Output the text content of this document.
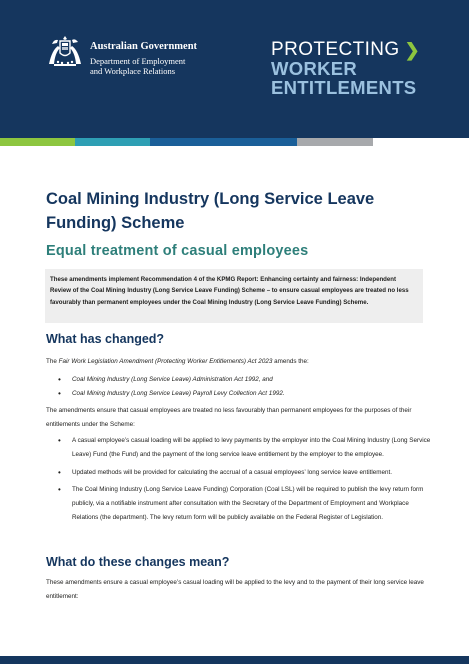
Australian Government
Department of Employment
and Workplace Relations
PROTECTING ❯
WORKER
ENTITLEMENTS
Coal Mining Industry (Long Service Leave Funding) Scheme
Equal treatment of casual employees
These amendments implement Recommendation 4 of the KPMG Report: Enhancing certainty and fairness: Independent Review of the Coal Mining Industry (Long Service Leave Funding) Scheme – to ensure casual employees are treated no less favourably than permanent employees under the Coal Mining Industry (Long Service Leave Funding) Scheme.
What has changed?
The Fair Work Legislation Amendment (Protecting Worker Entitlements) Act 2023 amends the:
• Coal Mining Industry (Long Service Leave) Administration Act 1992, and
• Coal Mining Industry (Long Service Leave) Payroll Levy Collection Act 1992.
The amendments ensure that casual employees are treated no less favourably than permanent employees for the purposes of their entitlements under the Scheme:
• A casual employee’s casual loading will be applied to levy payments by the employer into the Coal Mining Industry (Long Service Leave) Fund (the Fund) and the payment of the long service leave entitlement by the employer to the employee.
• Updated methods will be provided for calculating the accrual of a casual employees’ long service leave entitlement.
• The Coal Mining Industry (Long Service Leave Funding) Corporation (Coal LSL) will be required to publish the levy return form publicly, via a notifiable instrument after consultation with the Secretary of the Department of Employment and Workplace Relations (the department). The levy return form will be publicly available on the Federal Register of Legislation.
What do these changes mean?
These amendments ensure a casual employee’s casual loading will be applied to the levy and to the payment of their long service leave entitlement:
